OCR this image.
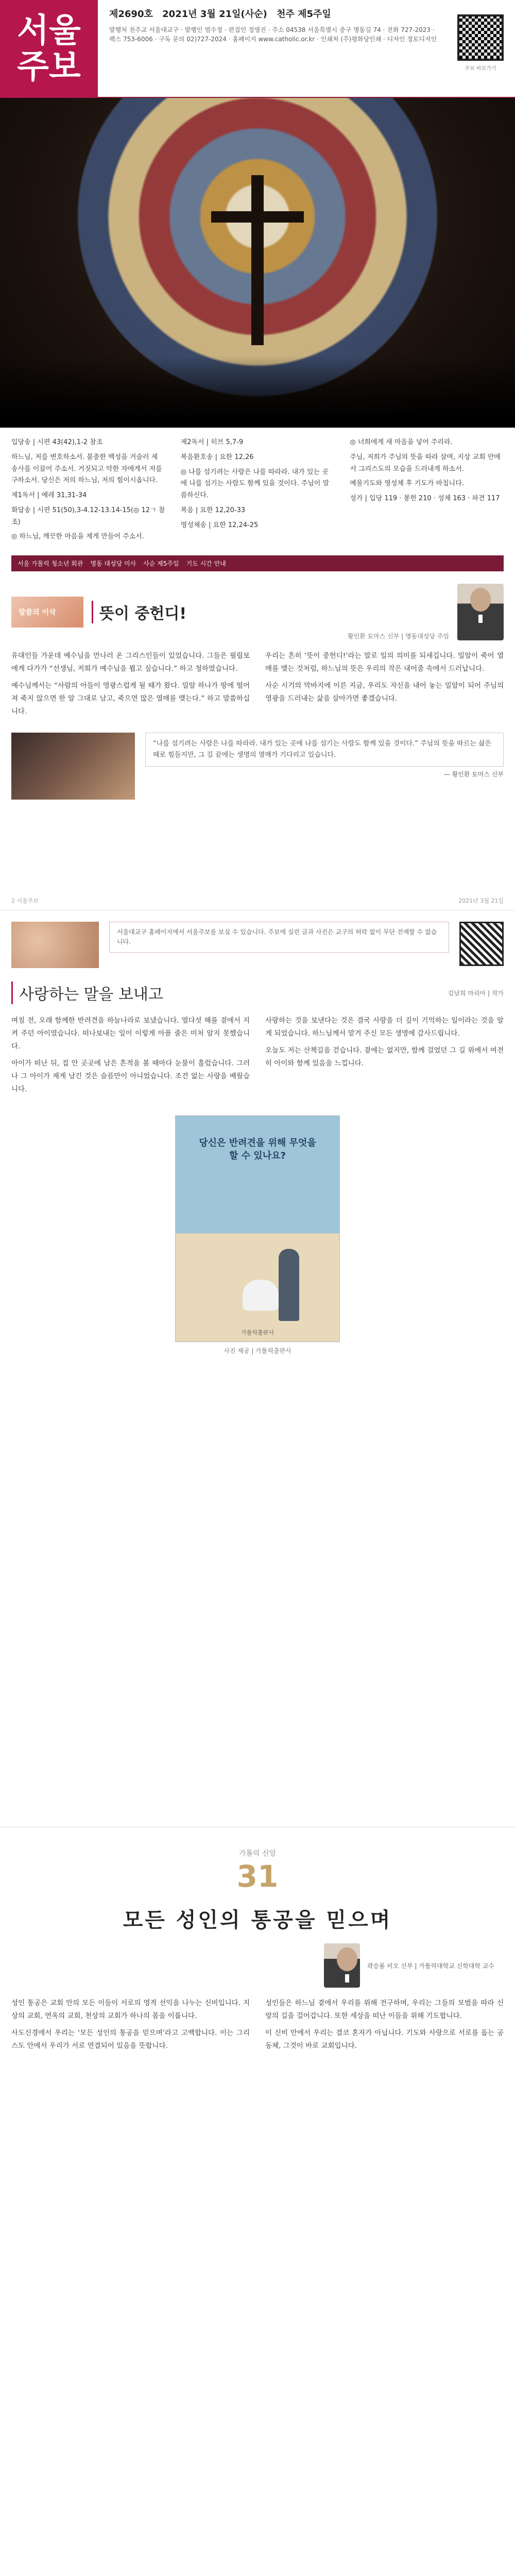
서울
주보
제2690호 2021년 3월 21일(사순) 천주 제5주일
발행처 천주교 서울대교구 · 발행인 염수정 · 편집인 정영진 · 주소 04538 서울특별시 중구 명동길 74 · 전화 727-2023 · 팩스 753-6006 · 구독 문의 02)727-2024 · 홈페이지 www.catholic.or.kr · 인쇄처 (주)평화당인쇄 · 디자인 정토디자인
주보 바로가기

입당송 | 시편 43(42),1-2 참조

하느님, 저를 변호하소서. 불충한 백성을 거슬러 제 송사를 이끌어 주소서. 거짓되고 악한 자에게서 저를 구하소서. 당신은 저의 하느님, 저의 힘이시옵니다.

제1독서 | 예레 31,31-34

화답송 | 시편 51(50),3-4.12-13.14-15(◎ 12ㄱ 참조)

◎ 하느님, 깨끗한 마음을 제게 만들어 주소서.

제2독서 | 히브 5,7-9

복음환호송 | 요한 12,26

◎ 나를 섬기려는 사람은 나를 따라라. 내가 있는 곳에 나를 섬기는 사람도 함께 있을 것이다. 주님이 말씀하신다.

복음 | 요한 12,20-33

영성체송 | 요한 12,24-25

◎ 너희에게 새 마음을 넣어 주리라.

주님, 저희가 주님의 뜻을 따라 살며, 지상 교회 안에서 그리스도의 모습을 드러내게 하소서.

예물기도와 영성체 후 기도가 바칩니다.

성가 | 입당 119 · 봉헌 210 · 성체 163 · 파견 117

서울 가톨릭 청소년 회관 명동 대성당 미사 사순 제5주일 기도 시간 안내
말씀의 이삭	뜻이 중헌디!
황인환 토마스 신부 | 명동대성당 주임

유대인들 가운데 예수님을 만나러 온 그리스인들이 있었습니다. 그들은 필립보에게 다가가 “선생님, 저희가 예수님을 뵙고 싶습니다.” 하고 청하였습니다.

예수님께서는 “사람의 아들이 영광스럽게 될 때가 왔다. 밀알 하나가 땅에 떨어져 죽지 않으면 한 알 그대로 남고, 죽으면 많은 열매를 맺는다.” 하고 말씀하십니다.

우리는 흔히 ‘뜻이 중헌디!’라는 말로 일의 의미를 되새깁니다. 밀알이 죽어 열매를 맺는 것처럼, 하느님의 뜻은 우리의 작은 내어줌 속에서 드러납니다.

사순 시기의 막바지에 이른 지금, 우리도 자신을 내어 놓는 밀알이 되어 주님의 영광을 드러내는 삶을 살아가면 좋겠습니다.

“나를 섬기려는 사람은 나를 따라라. 내가 있는 곳에 나를 섬기는 사람도 함께 있을 것이다.” 주님의 뜻을 따르는 삶은 때로 힘들지만, 그 길 끝에는 생명의 열매가 기다리고 있습니다.
— 황인환 토마스 신부
2 서울주보	2021년 3월 21일
서울대교구 홈페이지에서 서울주보를 보실 수 있습니다. 주보에 실린 글과 사진은 교구의 허락 없이 무단 전재할 수 없습니다.
사랑하는 말을 보내고	김남희 마리아 | 작가

며칠 전, 오래 함께한 반려견을 하늘나라로 보냈습니다. 열다섯 해를 곁에서 지켜 주던 아이였습니다. 떠나보내는 일이 이렇게 아플 줄은 미처 알지 못했습니다.

아이가 떠난 뒤, 집 안 곳곳에 남은 흔적을 볼 때마다 눈물이 흘렀습니다. 그러나 그 아이가 제게 남긴 것은 슬픔만이 아니었습니다. 조건 없는 사랑을 배웠습니다.

사랑하는 것을 보낸다는 것은 결국 사랑을 더 깊이 기억하는 일이라는 것을 알게 되었습니다. 하느님께서 맡겨 주신 모든 생명에 감사드립니다.

오늘도 저는 산책길을 걷습니다. 곁에는 없지만, 함께 걸었던 그 길 위에서 여전히 아이와 함께 있음을 느낍니다.

당신은 반려견을 위해 무엇을 할 수 있나요?
가톨릭출판사
사진 제공 | 가톨릭출판사
가톨릭 신앙
31
모든 성인의 통공을 믿으며
곽승룡 비오 신부 | 가톨릭대학교 신학대학 교수

성인 통공은 교회 안의 모든 이들이 서로의 영적 선익을 나누는 신비입니다. 지상의 교회, 연옥의 교회, 천상의 교회가 하나의 몸을 이룹니다.

사도신경에서 우리는 ‘모든 성인의 통공을 믿으며’라고 고백합니다. 이는 그리스도 안에서 우리가 서로 연결되어 있음을 뜻합니다.

성인들은 하느님 곁에서 우리를 위해 전구하며, 우리는 그들의 모범을 따라 신앙의 길을 걸어갑니다. 또한 세상을 떠난 이들을 위해 기도합니다.

이 신비 안에서 우리는 결코 혼자가 아닙니다. 기도와 사랑으로 서로를 돕는 공동체, 그것이 바로 교회입니다.
